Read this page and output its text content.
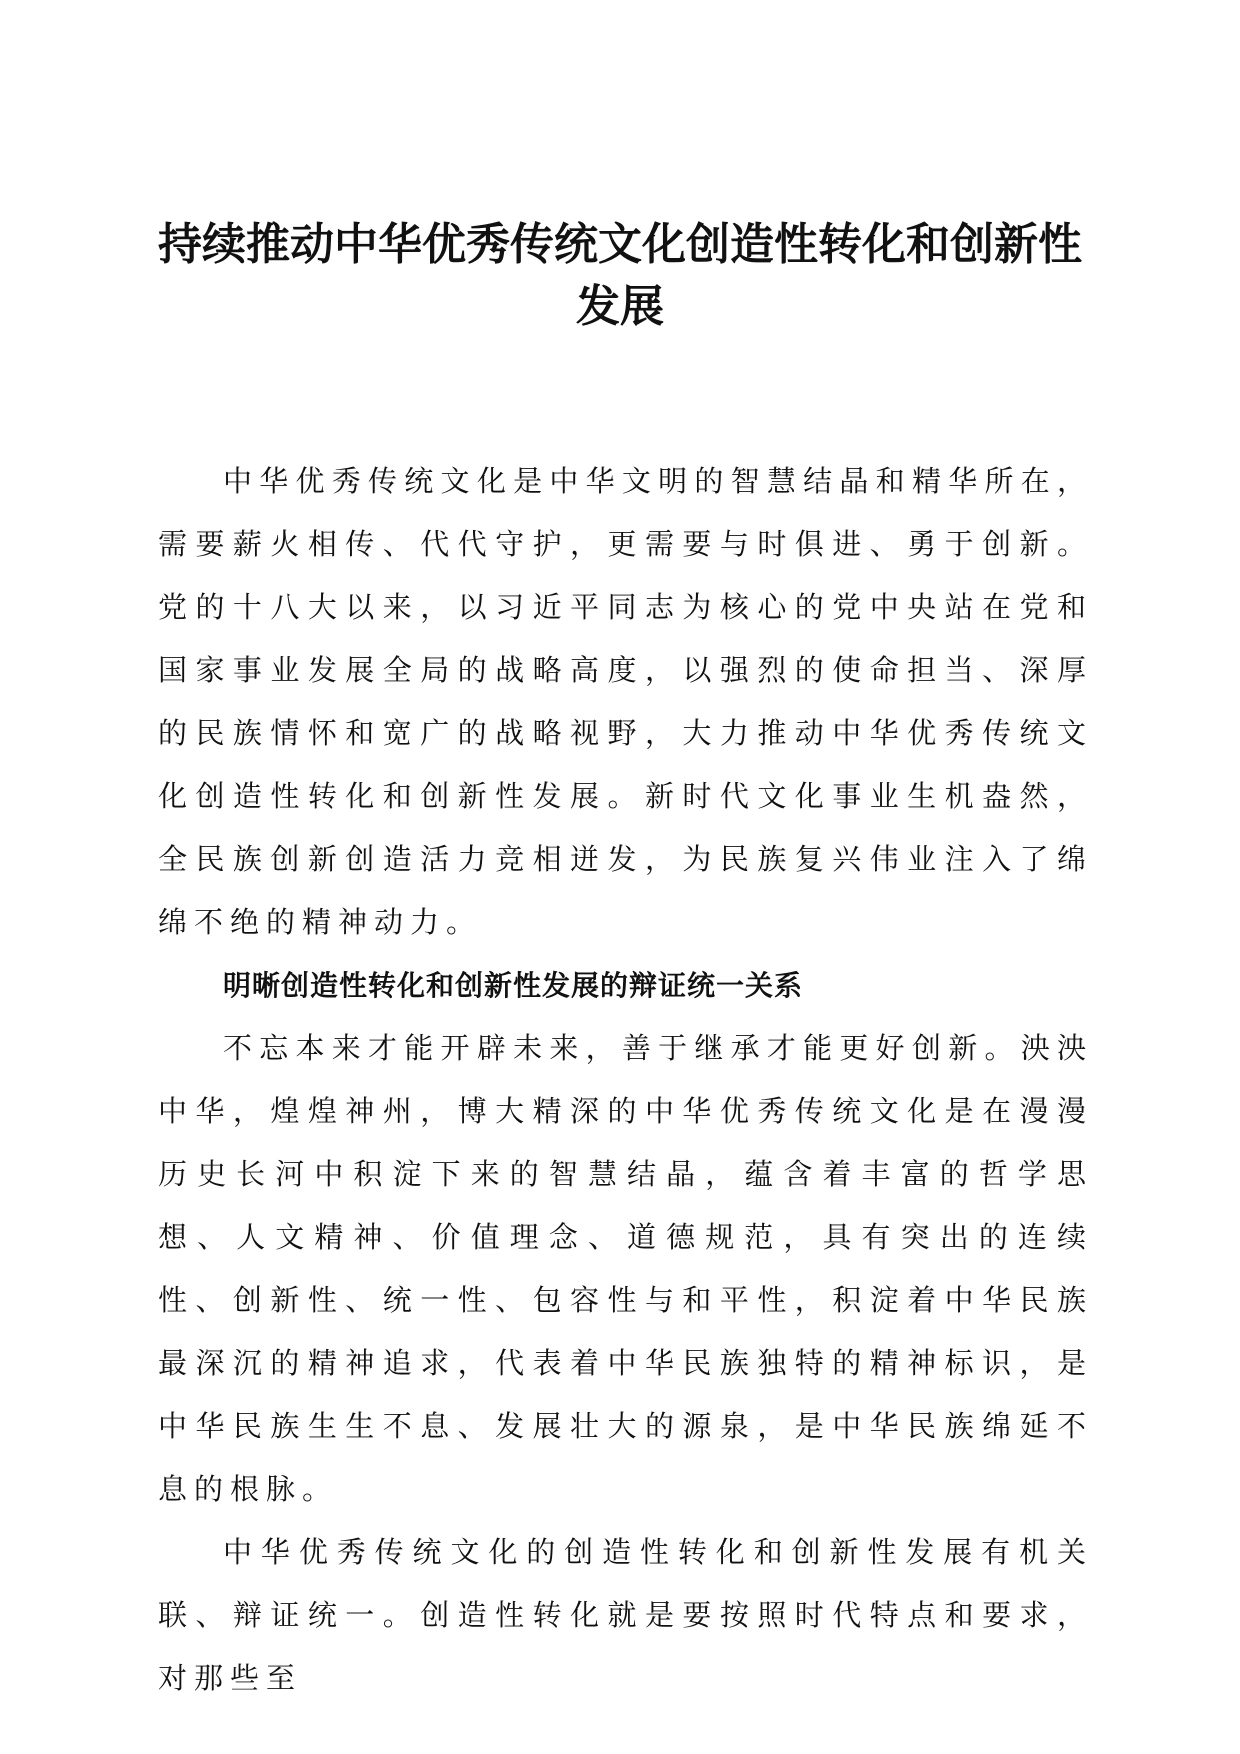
持续推动中华优秀传统文化创造性转化和创新性发展

中华优秀传统文化是中华文明的智慧结晶和精华所在，需要薪火相传、代代守护，更需要与时俱进、勇于创新。党的十八大以来，以习近平同志为核心的党中央站在党和国家事业发展全局的战略高度，以强烈的使命担当、深厚的民族情怀和宽广的战略视野，大力推动中华优秀传统文化创造性转化和创新性发展。新时代文化事业生机盎然，全民族创新创造活力竞相迸发，为民族复兴伟业注入了绵绵不绝的精神动力。

明晰创造性转化和创新性发展的辩证统一关系

不忘本来才能开辟未来，善于继承才能更好创新。泱泱中华，煌煌神州，博大精深的中华优秀传统文化是在漫漫历史长河中积淀下来的智慧结晶，蕴含着丰富的哲学思想、人文精神、价值理念、道德规范，具有突出的连续性、创新性、统一性、包容性与和平性，积淀着中华民族最深沉的精神追求，代表着中华民族独特的精神标识，是中华民族生生不息、发展壮大的源泉，是中华民族绵延不息的根脉。

中华优秀传统文化的创造性转化和创新性发展有机关联、辩证统一。创造性转化就是要按照时代特点和要求，对那些至
